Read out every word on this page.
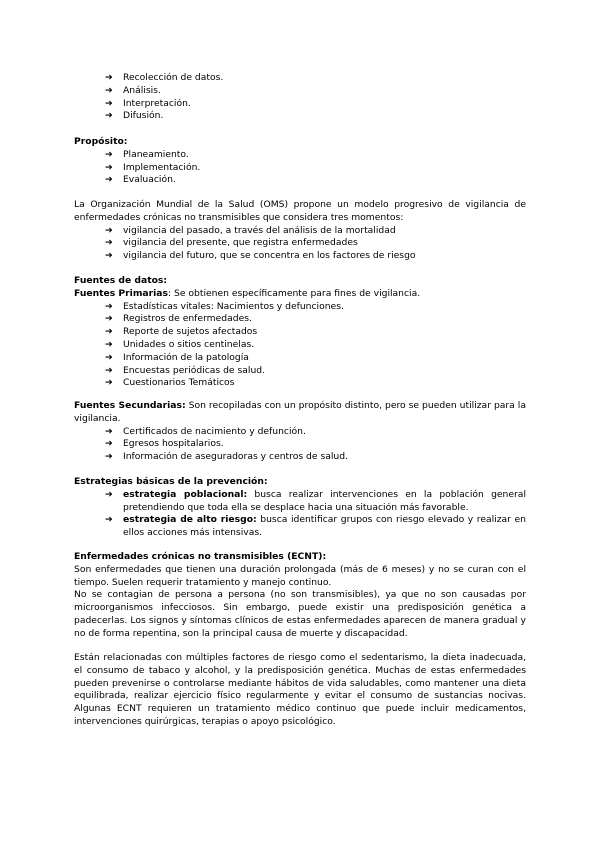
➔ Recolección de datos.
➔ Análisis.
➔ Interpretación.
➔ Difusión.

Propósito:

➔ Planeamiento.
➔ Implementación.
➔ Evaluación.

La Organización Mundial de la Salud (OMS) propone un modelo progresivo de vigilancia de enfermedades crónicas no transmisibles que considera tres momentos:

➔ vigilancia del pasado, a través del análisis de la mortalidad
➔ vigilancia del presente, que registra enfermedades
➔ vigilancia del futuro, que se concentra en los factores de riesgo

Fuentes de datos:

Fuentes Primarias: Se obtienen específicamente para fines de vigilancia.

➔ Estadísticas vitales: Nacimientos y defunciones.
➔ Registros de enfermedades.
➔ Reporte de sujetos afectados
➔ Unidades o sitios centinelas.
➔ Información de la patología
➔ Encuestas periódicas de salud.
➔ Cuestionarios Temáticos

Fuentes Secundarias: Son recopiladas con un propósito distinto, pero se pueden utilizar para la vigilancia.

➔ Certificados de nacimiento y defunción.
➔ Egresos hospitalarios.
➔ Información de aseguradoras y centros de salud.

Estrategias básicas de la prevención:

➔ estrategia poblacional: busca realizar intervenciones en la población general pretendiendo que toda ella se desplace hacia una situación más favorable.
➔ estrategia de alto riesgo: busca identificar grupos con riesgo elevado y realizar en ellos acciones más intensivas.

Enfermedades crónicas no transmisibles (ECNT):

Son enfermedades que tienen una duración prolongada (más de 6 meses) y no se curan con el tiempo. Suelen requerir tratamiento y manejo continuo.

No se contagian de persona a persona (no son transmisibles), ya que no son causadas por microorganismos infecciosos. Sin embargo, puede existir una predisposición genética a padecerlas. Los signos y síntomas clínicos de estas enfermedades aparecen de manera gradual y no de forma repentina, son la principal causa de muerte y discapacidad.

Están relacionadas con múltiples factores de riesgo como el sedentarismo, la dieta inadecuada, el consumo de tabaco y alcohol, y la predisposición genética. Muchas de estas enfermedades pueden prevenirse o controlarse mediante hábitos de vida saludables, como mantener una dieta equilibrada, realizar ejercicio físico regularmente y evitar el consumo de sustancias nocivas. Algunas ECNT requieren un tratamiento médico continuo que puede incluir medicamentos, intervenciones quirúrgicas, terapias o apoyo psicológico.
